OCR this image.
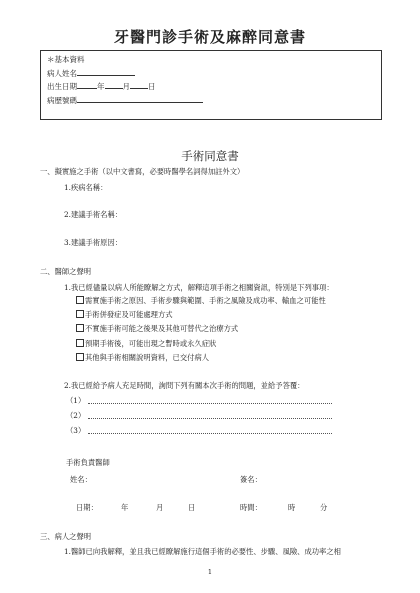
牙醫門診手術及麻醉同意書
＊基本資料
病人姓名
出生日期	年 月 日
病歷號碼
手術同意書
一、擬實施之手術（以中文書寫，必要時醫學名詞得加註外文）
1.疾病名稱：
2.建議手術名稱：
3.建議手術原因：
二、醫師之聲明
1.我已經儘量以病人所能瞭解之方式，解釋這項手術之相關資訊，特別是下列事項：
需實施手術之原因、手術步驟與範圍、手術之風險及成功率、輸血之可能性
手術併發症及可能處理方式
不實施手術可能之後果及其他可替代之治療方式
預期手術後，可能出現之暫時或永久症狀
其他與手術相關說明資料，已交付病人
2.我已經給予病人充足時間，詢問下列有關本次手術的問題，並給予答覆：
（1）
（2）
（3）
手術負責醫師
姓名：	簽名：
日期：	年	月	日	時間：	時	分
三、病人之聲明
1.醫師已向我解釋，並且我已經瞭解施行這個手術的必要性、步驟、風險、成功率之相
1
